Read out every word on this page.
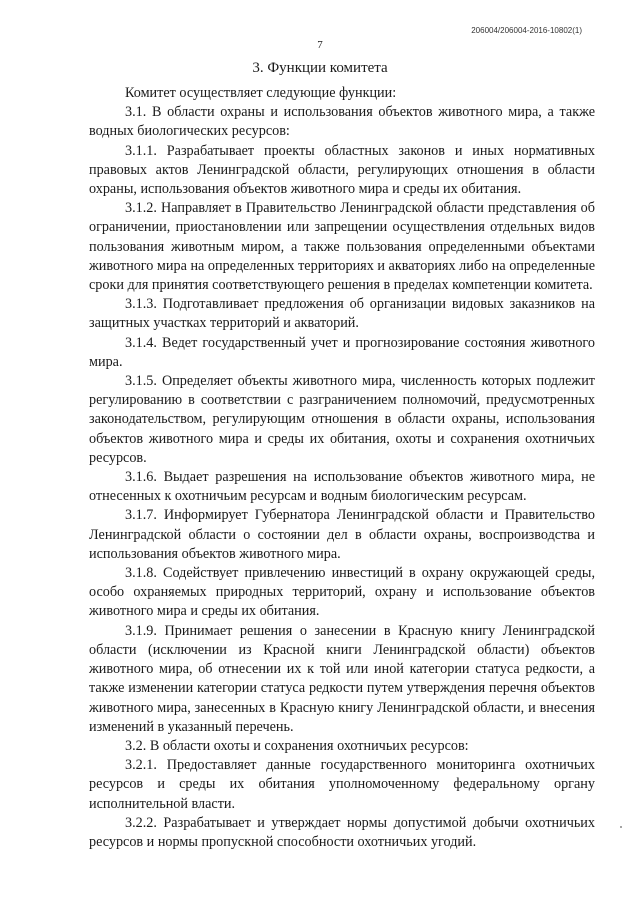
206004/206004-2016-10802(1)
7
3. Функции комитета

Комитет осуществляет следующие функции:

3.1. В области охраны и использования объектов животного мира, а также водных биологических ресурсов:

3.1.1. Разрабатывает проекты областных законов и иных нормативных правовых актов Ленинградской области, регулирующих отношения в области охраны, использования объектов животного мира и среды их обитания.

3.1.2. Направляет в Правительство Ленинградской области представления об ограничении, приостановлении или запрещении осуществления отдельных видов пользования животным миром, а также пользования определенными объектами животного мира на определенных территориях и акваториях либо на определенные сроки для принятия соответствующего решения в пределах компетенции комитета.

3.1.3. Подготавливает предложения об организации видовых заказников на защитных участках территорий и акваторий.

3.1.4. Ведет государственный учет и прогнозирование состояния животного мира.

3.1.5. Определяет объекты животного мира, численность которых подлежит регулированию в соответствии с разграничением полномочий, предусмотренных законодательством, регулирующим отношения в области охраны, использования объектов животного мира и среды их обитания, охоты и сохранения охотничьих ресурсов.

3.1.6. Выдает разрешения на использование объектов животного мира, не отнесенных к охотничьим ресурсам и водным биологическим ресурсам.

3.1.7. Информирует Губернатора Ленинградской области и Правительство Ленинградской области о состоянии дел в области охраны, воспроизводства и использования объектов животного мира.

3.1.8. Содействует привлечению инвестиций в охрану окружающей среды, особо охраняемых природных территорий, охрану и использование объектов животного мира и среды их обитания.

3.1.9. Принимает решения о занесении в Красную книгу Ленинградской области (исключении из Красной книги Ленинградской области) объектов животного мира, об отнесении их к той или иной категории статуса редкости, а также изменении категории статуса редкости путем утверждения перечня объектов животного мира, занесенных в Красную книгу Ленинградской области, и внесения изменений в указанный перечень.

3.2. В области охоты и сохранения охотничьих ресурсов:

3.2.1. Предоставляет данные государственного мониторинга охотничьих ресурсов и среды их обитания уполномоченному федеральному органу исполнительной власти.

3.2.2. Разрабатывает и утверждает нормы допустимой добычи охотничьих ресурсов и нормы пропускной способности охотничьих угодий.
